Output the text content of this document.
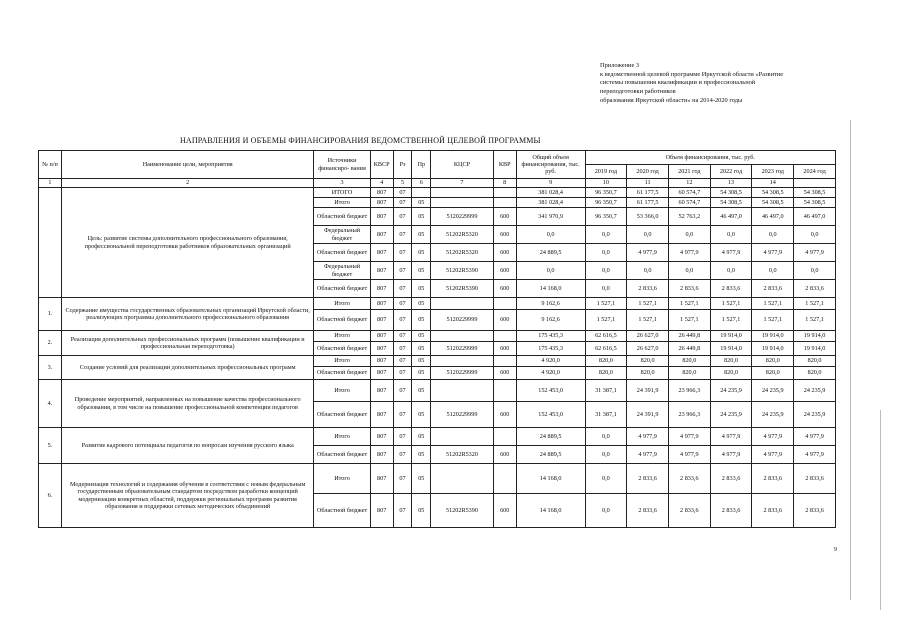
Приложение 3
к ведомственной целевой программе Иркутской области «Развитие
системы повышения квалификации и профессиональной
переподготовки работников
образования Иркутской области» на 2014-2020 годы
НАПРАВЛЕНИЯ И ОБЪЕМЫ ФИНАНСИРОВАНИЯ ВЕДОМСТВЕННОЙ ЦЕЛЕВОЙ ПРОГРАММЫ
№ п/п	Наименование цели, мероприятия	Источники финансиро- вания	КВСР	Рз	Пр	КЦСР	КВР	Общий объем финансирования, тыс. руб.	Объем финансирования, тыс. руб.					
									2019 год	2020 год	2021 год	2022 год	2023 год	2024 год
1	2	3	4	5	6	7	8	9	10	11	12	13	14	
	Цель: развитие системы дополнительного профессионального образования, профессиональной переподготовки работников образовательных организаций	ИТОГО	807	07				381 028,4	96 350,7	61 177,5	60 574,7	54 308,5	54 308,5	54 308,5
		Итого	807	07	05			381 028,4	96 350,7	61 177,5	60 574,7	54 308,5	54 308,5	54 308,5
		Областной бюджет	807	07	05	5120229999	600	341 970,9	96 350,7	53 366,0	52 763,2	46 497,0	46 497,0	46 497,0
		Федеральный бюджет	807	07	05	51202R5320	600	0,0	0,0	0,0	0,0	0,0	0,0	0,0
		Областной бюджет	807	07	05	51202R5320	600	24 889,5	0,0	4 977,9	4 977,9	4 977,9	4 977,9	4 977,9
		Федеральный бюджет	807	07	05	51202R5390	600	0,0	0,0	0,0	0,0	0,0	0,0	0,0
		Областной бюджет	807	07	05	51202R5390	600	14 168,0	0,0	2 833,6	2 833,6	2 833,6	2 833,6	2 833,6
1.	Содержание имущества государственных образовательных организаций Иркутской области, реализующих программы дополнительного профессионального образования	Итого	807	07	05			9 162,6	1 527,1	1 527,1	1 527,1	1 527,1	1 527,1	1 527,1
		Областной бюджет	807	07	05	5120229999	600	9 162,6	1 527,1	1 527,1	1 527,1	1 527,1	1 527,1	1 527,1
2.	Реализация дополнительных профессиональных программ (повышение квалификации и профессиональная переподготовка)	Итого	807	07	05			175 435,3	62 616,5	26 627,0	26 449,8	19 914,0	19 914,0	19 914,0
		Областной бюджет	807	07	05	5120229999	600	175 435,3	62 616,5	26 627,0	26 449,8	19 914,0	19 914,0	19 914,0
3.	Создание условий для реализации дополнительных профессиональных программ	Итого	807	07	05			4 920,0	820,0	820,0	820,0	820,0	820,0	820,0
		Областной бюджет	807	07	05	5120229999	600	4 920,0	820,0	820,0	820,0	820,0	820,0	820,0
4.	Проведение мероприятий, направленных на повышение качества профессионального образования, в том числе на повышение профессиональной компетенции педагогов	Итого	807	07	05			152 453,0	31 387,1	24 391,9	23 966,3	24 235,9	24 235,9	24 235,9
		Областной бюджет	807	07	05	5120229999	600	152 453,0	31 387,1	24 391,9	23 966,3	24 235,9	24 235,9	24 235,9
5.	Развитие кадрового потенциала педагогов по вопросам изучения русского языка	Итого	807	07	05			24 889,5	0,0	4 977,9	4 977,9	4 977,9	4 977,9	4 977,9
		Областной бюджет	807	07	05	51202R5320	600	24 889,5	0,0	4 977,9	4 977,9	4 977,9	4 977,9	4 977,9
6.	Модернизация технологий и содержания обучения в соответствии с новым федеральным государственным образовательным стандартом посредством разработки концепций модернизации конкретных областей, поддержки региональных программ развития образования и поддержки сетевых методических объединений	Итого	807	07	05			14 168,0	0,0	2 833,6	2 833,6	2 833,6	2 833,6	2 833,6
		Областной бюджет	807	07	05	51202R5390	600	14 168,0	0,0	2 833,6	2 833,6	2 833,6	2 833,6	2 833,6
9
